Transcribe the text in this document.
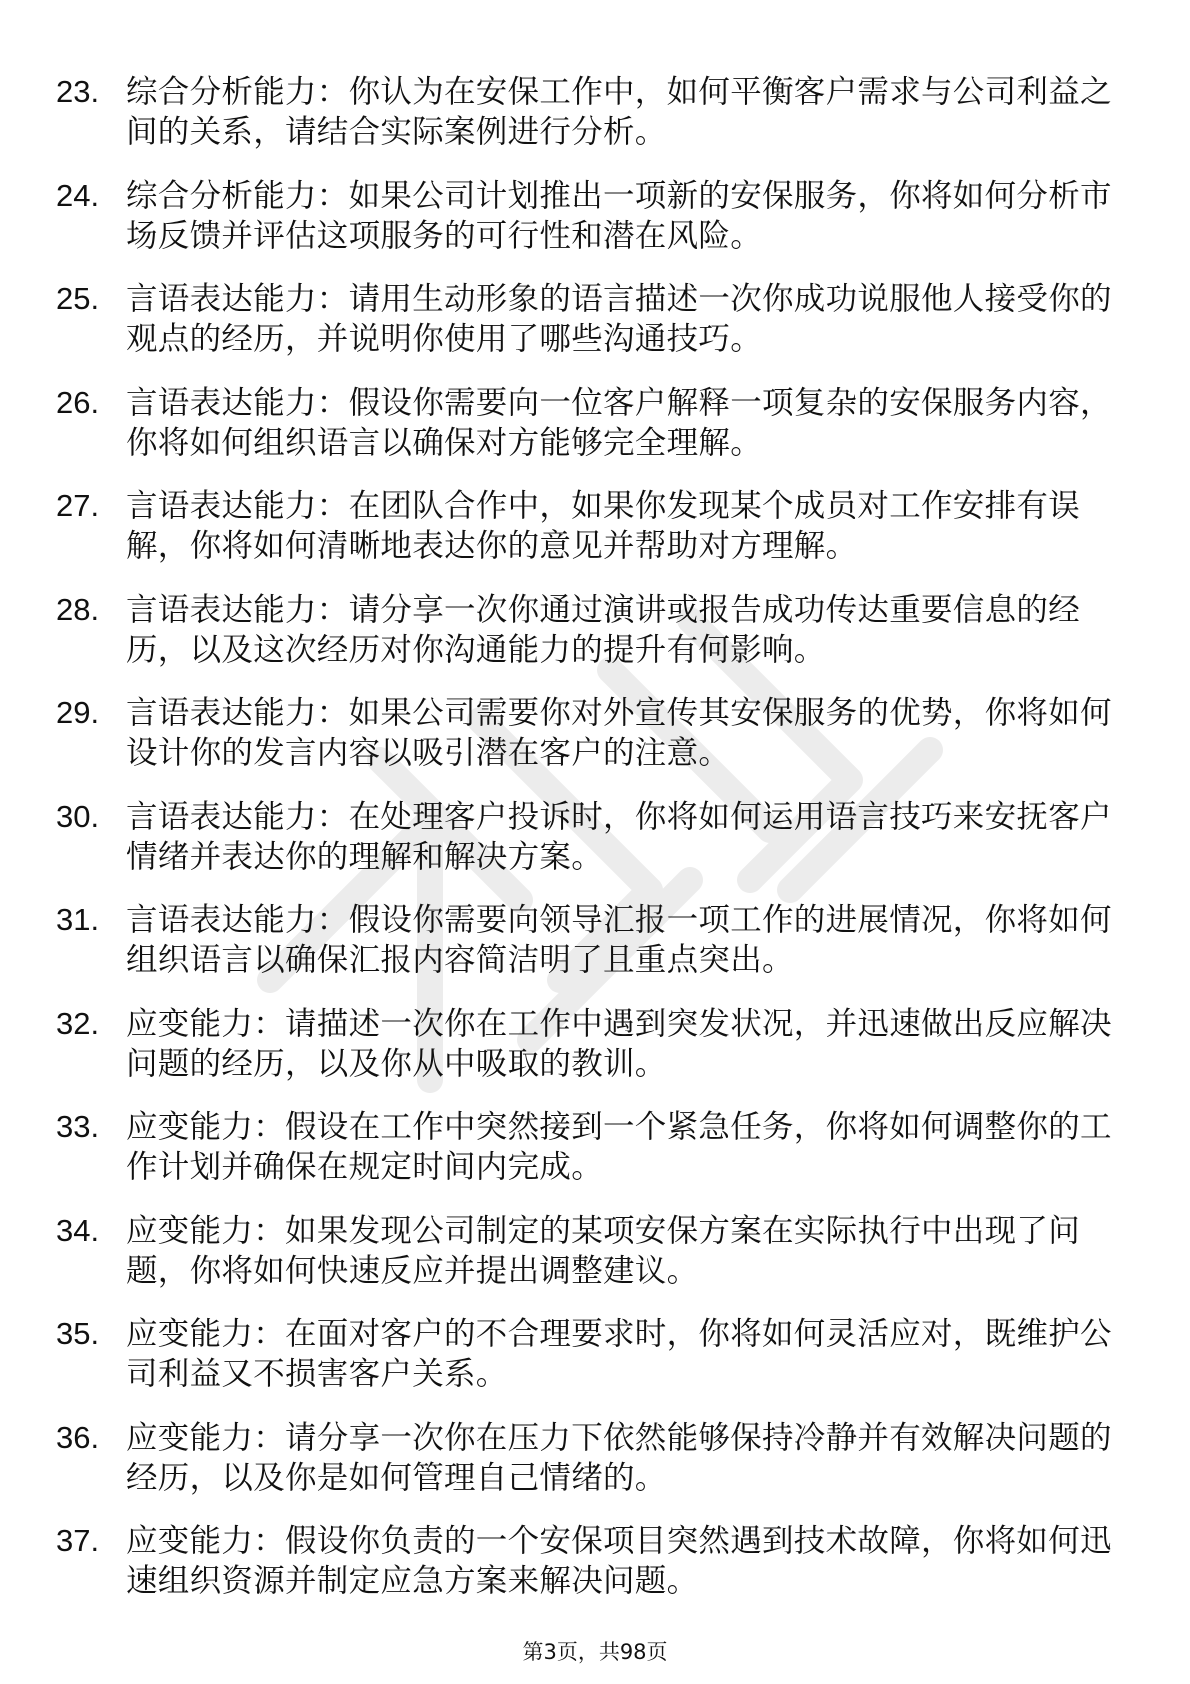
23. 综合分析能力：你认为在安保工作中，如何平衡客户需求与公司利益之间的关系，请结合实际案例进行分析。
24. 综合分析能力：如果公司计划推出一项新的安保服务，你将如何分析市场反馈并评估这项服务的可行性和潜在风险。
25. 言语表达能力：请用生动形象的语言描述一次你成功说服他人接受你的观点的经历，并说明你使用了哪些沟通技巧。
26. 言语表达能力：假设你需要向一位客户解释一项复杂的安保服务内容，你将如何组织语言以确保对方能够完全理解。
27. 言语表达能力：在团队合作中，如果你发现某个成员对工作安排有误解，你将如何清晰地表达你的意见并帮助对方理解。
28. 言语表达能力：请分享一次你通过演讲或报告成功传达重要信息的经历，以及这次经历对你沟通能力的提升有何影响。
29. 言语表达能力：如果公司需要你对外宣传其安保服务的优势，你将如何设计你的发言内容以吸引潜在客户的注意。
30. 言语表达能力：在处理客户投诉时，你将如何运用语言技巧来安抚客户情绪并表达你的理解和解决方案。
31. 言语表达能力：假设你需要向领导汇报一项工作的进展情况，你将如何组织语言以确保汇报内容简洁明了且重点突出。
32. 应变能力：请描述一次你在工作中遇到突发状况，并迅速做出反应解决问题的经历，以及你从中吸取的教训。
33. 应变能力：假设在工作中突然接到一个紧急任务，你将如何调整你的工作计划并确保在规定时间内完成。
34. 应变能力：如果发现公司制定的某项安保方案在实际执行中出现了问题，你将如何快速反应并提出调整建议。
35. 应变能力：在面对客户的不合理要求时，你将如何灵活应对，既维护公司利益又不损害客户关系。
36. 应变能力：请分享一次你在压力下依然能够保持冷静并有效解决问题的经历，以及你是如何管理自己情绪的。
37. 应变能力：假设你负责的一个安保项目突然遇到技术故障，你将如何迅速组织资源并制定应急方案来解决问题。
第3页，共98页
